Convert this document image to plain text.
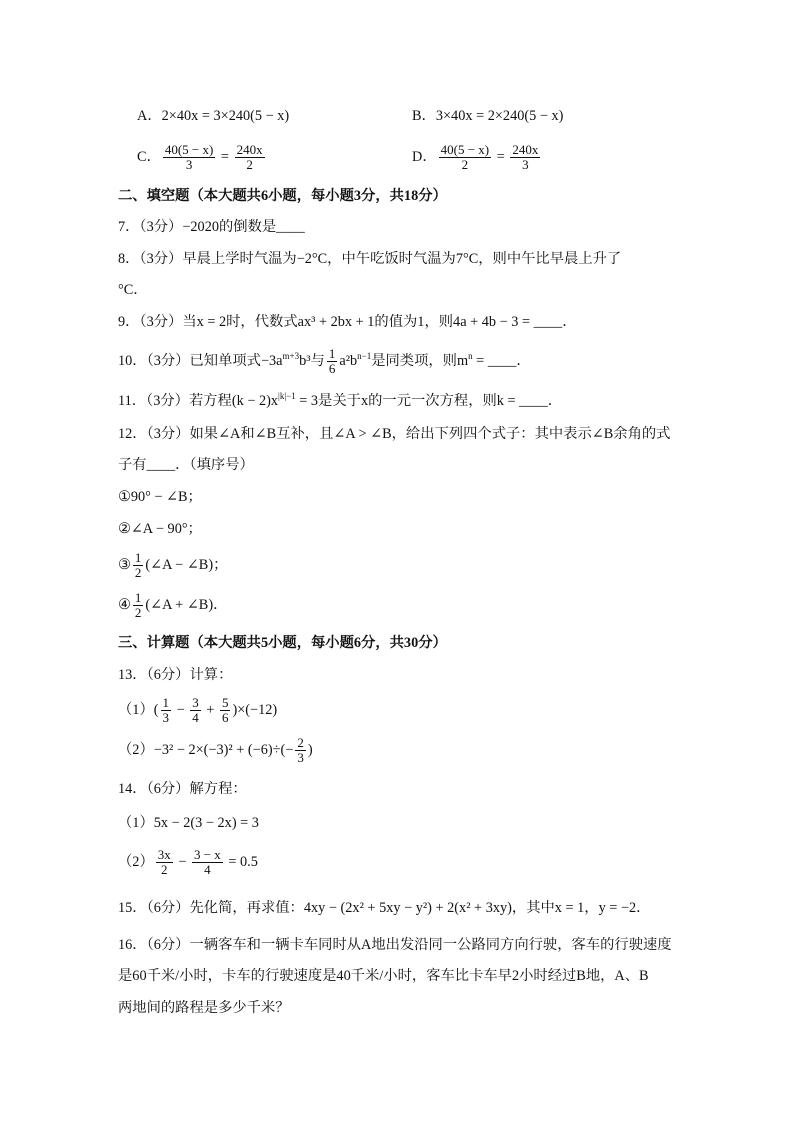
A．2×40x = 3×240(5 − x)	B．3×40x = 2×240(5 − x)
C． $\frac{40(5 - x)}{3} = \frac{240x}{2}$	D． $\frac{40(5 - x)}{2} = \frac{240x}{3}$
二、填空题（本大题共6小题，每小题3分，共18分）
7．（3分）−2020的倒数是____
8．（3分）早晨上学时气温为−2°C，中午吃饭时气温为7°C，则中午比早晨上升了
°C．
9．（3分）当x = 2时，代数式ax³ + 2bx + 1的值为1，则4a + 4b − 3 = ____．
10．（3分）已知单项式$-3a^{m+3}b^3$与 $\frac{1}{6} a^2b^{n-1}$是同类项，则$m^n$ = ____．
11．（3分）若方程$(k - 2)x^{|k|-1} = 3$是关于x的一元一次方程，则k = ____．
12．（3分）如果∠A和∠B互补，且∠A > ∠B，给出下列四个式子：其中表示∠B余角的式
子有____．（填序号）
①90° − ∠B；
②∠A − 90°；
③ $\frac{1}{2}$ (∠A − ∠B)；
④ $\frac{1}{2}$ (∠A + ∠B)．
三、计算题（本大题共5小题，每小题6分，共30分）
13．（6分）计算：
$(1)( \frac{1}{3} - \frac{3}{4} + \frac{5}{6} )\times(-12)$
$(2)-3^2 - 2\times(-3)^2 + (-6)\div(- \frac{2}{3}$ )
14．（6分）解方程：
（1）5x − 2(3 − 2x) = 3
$(2) \frac{3x}{2} - \frac{3 - x}{4} = 0.5$
15．（6分）先化简，再求值：4xy − (2x² + 5xy − y²) + 2(x² + 3xy)，其中x = 1，y = −2．
16．（6分）一辆客车和一辆卡车同时从A地出发沿同一公路同方向行驶，客车的行驶速度
是60千米/小时，卡车的行驶速度是40千米/小时，客车比卡车早2小时经过B地，A、B
两地间的路程是多少千米？
